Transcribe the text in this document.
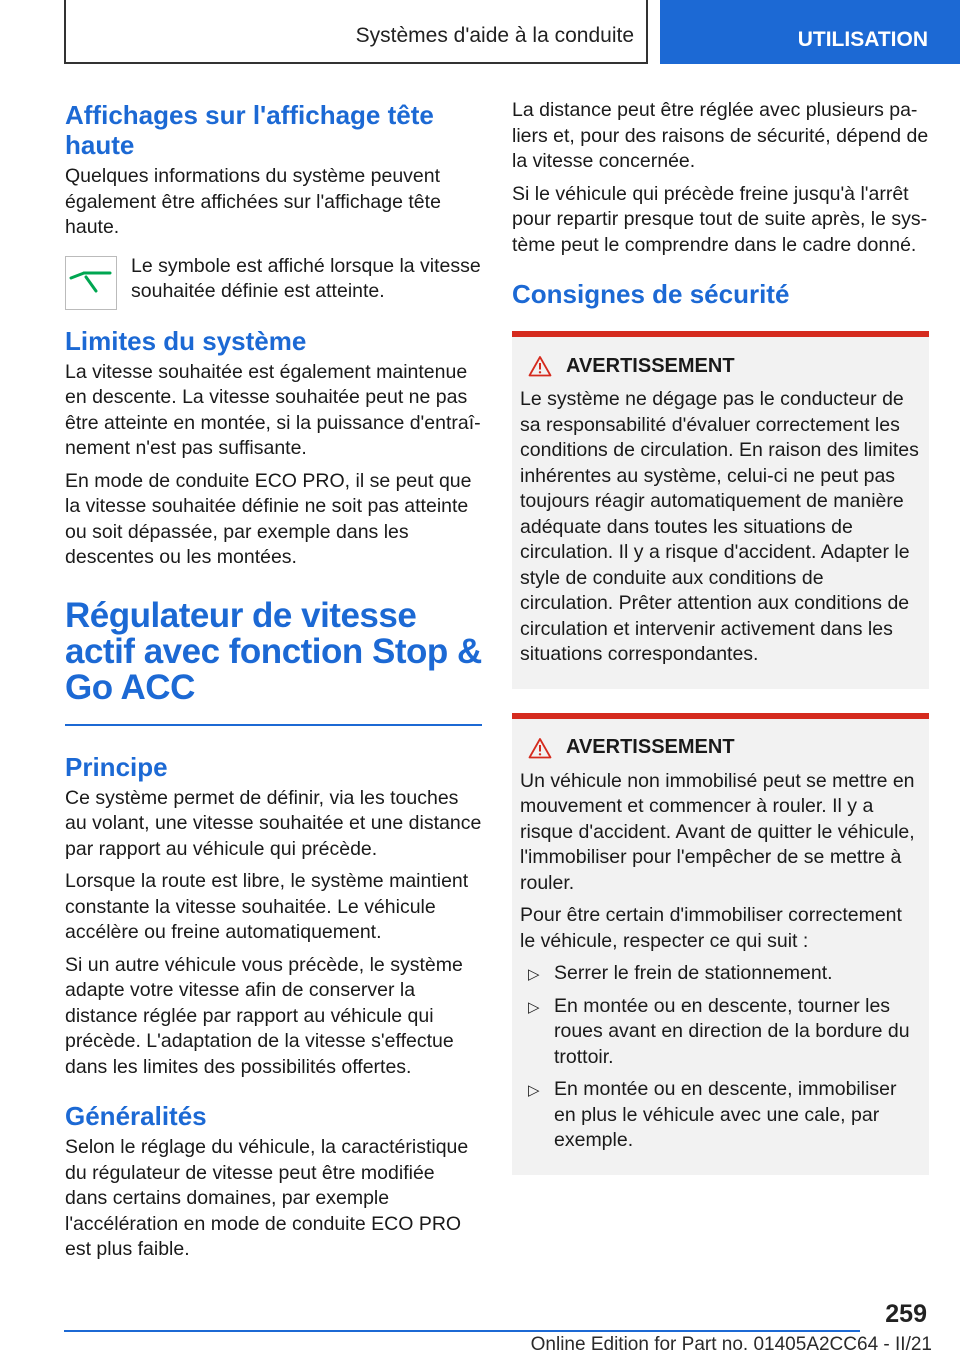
Systèmes d'aide à la conduite	UTILISATION
Affichages sur l'affichage tête haute

Quelques informations du système peuvent également être affichées sur l'affichage tête haute.

Le symbole est affiché lorsque la vitesse souhaitée définie est atteinte.

Limites du système

La vitesse souhaitée est également maintenue en descente. La vitesse souhaitée peut ne pas être atteinte en montée, si la puissance d'entraînement n'est pas suffisante.

En mode de conduite ECO PRO, il se peut que la vitesse souhaitée définie ne soit pas atteinte ou soit dépassée, par exemple dans les descentes ou les montées.

Régulateur de vitesse actif avec fonction Stop & Go ACC
Principe

Ce système permet de définir, via les touches au volant, une vitesse souhaitée et une distance par rapport au véhicule qui précède.

Lorsque la route est libre, le système maintient constante la vitesse souhaitée. Le véhicule accélère ou freine automatiquement.

Si un autre véhicule vous précède, le système adapte votre vitesse afin de conserver la distance réglée par rapport au véhicule qui précède. L'adaptation de la vitesse s'effectue dans les limites des possibilités offertes.

Généralités

Selon le réglage du véhicule, la caractéristique du régulateur de vitesse peut être modifiée dans certains domaines, par exemple l'accélération en mode de conduite ECO PRO est plus faible.

La distance peut être réglée avec plusieurs paliers et, pour des raisons de sécurité, dépend de la vitesse concernée.

Si le véhicule qui précède freine jusqu'à l'arrêt pour repartir presque tout de suite après, le système peut le comprendre dans le cadre donné.

Consignes de sécurité
AVERTISSEMENT

Le système ne dégage pas le conducteur de sa responsabilité d'évaluer correctement les conditions de circulation. En raison des limites inhérentes au système, celui-ci ne peut pas toujours réagir automatiquement de manière adéquate dans toutes les situations de circulation. Il y a risque d'accident. Adapter le style de conduite aux conditions de circulation. Prêter attention aux conditions de circulation et intervenir activement dans les situations correspondantes.

AVERTISSEMENT

Un véhicule non immobilisé peut se mettre en mouvement et commencer à rouler. Il y a risque d'accident. Avant de quitter le véhicule, l'immobiliser pour l'empêcher de se mettre à rouler.

Pour être certain d'immobiliser correctement le véhicule, respecter ce qui suit :

▷ Serrer le frein de stationnement.
▷ En montée ou en descente, tourner les roues avant en direction de la bordure du trottoir.
▷ En montée ou en descente, immobiliser en plus le véhicule avec une cale, par exemple.
259
Online Edition for Part no. 01405A2CC64 - II/21
